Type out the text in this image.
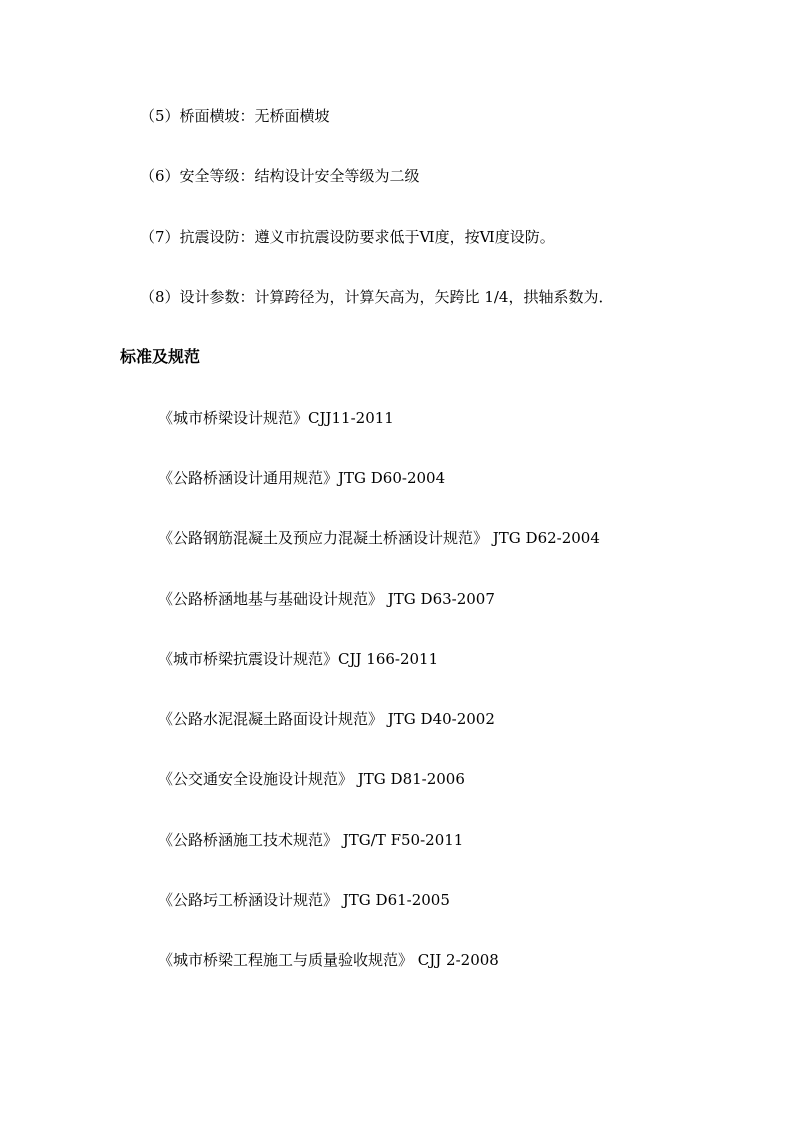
（5）桥面横坡：无桥面横坡
（6）安全等级：结构设计安全等级为二级
（7）抗震设防：遵义市抗震设防要求低于Ⅵ度，按Ⅵ度设防。
（8）设计参数：计算跨径为，计算矢高为，矢跨比 1/4，拱轴系数为．
标准及规范
《城市桥梁设计规范》CJJ11-2011
《公路桥涵设计通用规范》JTG D60-2004
《公路钢筋混凝土及预应力混凝土桥涵设计规范》 JTG D62-2004
《公路桥涵地基与基础设计规范》 JTG D63-2007
《城市桥梁抗震设计规范》CJJ 166-2011
《公路水泥混凝土路面设计规范》 JTG D40-2002
《公交通安全设施设计规范》 JTG D81-2006
《公路桥涵施工技术规范》 JTG/T F50-2011
《公路圬工桥涵设计规范》 JTG D61-2005
《城市桥梁工程施工与质量验收规范》 CJJ 2-2008
